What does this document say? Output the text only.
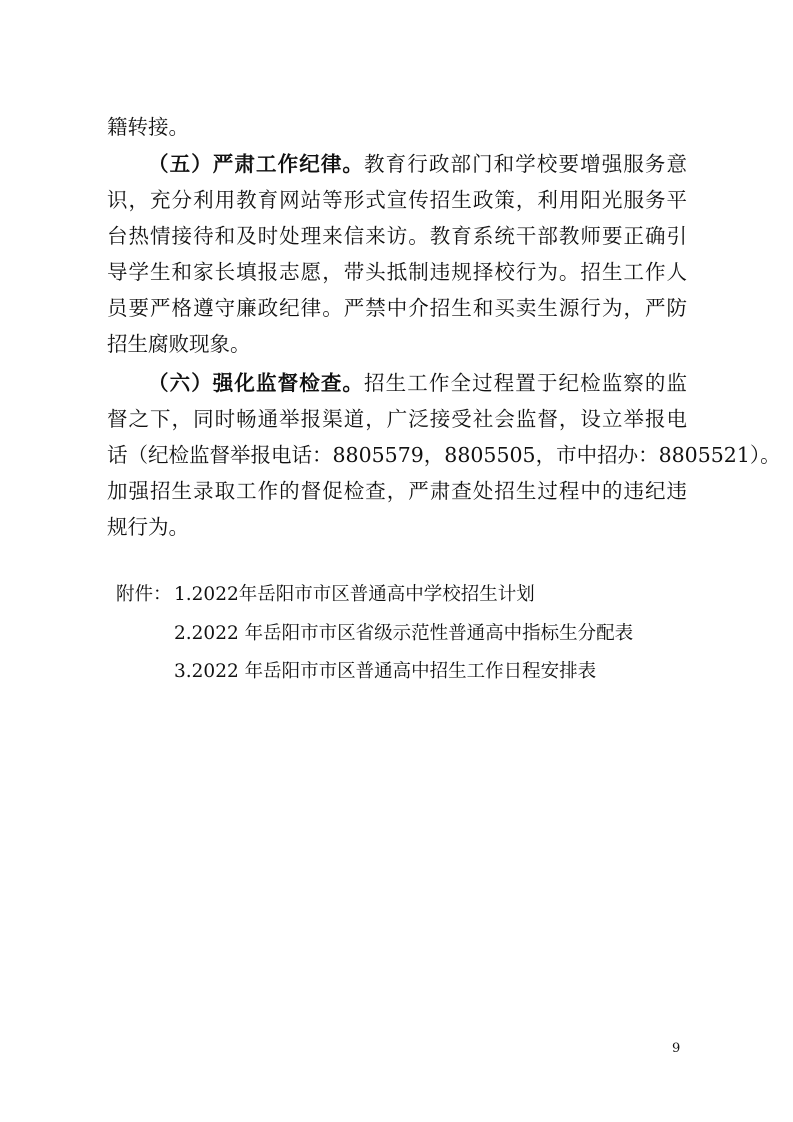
籍转接。
（五）严肃工作纪律。教育行政部门和学校要增强服务意
识，充分利用教育网站等形式宣传招生政策，利用阳光服务平
台热情接待和及时处理来信来访。教育系统干部教师要正确引
导学生和家长填报志愿，带头抵制违规择校行为。招生工作人
员要严格遵守廉政纪律。严禁中介招生和买卖生源行为，严防
招生腐败现象。
（六）强化监督检查。招生工作全过程置于纪检监察的监
督之下，同时畅通举报渠道，广泛接受社会监督，设立举报电
话（纪检监督举报电话：8805579，8805505，市中招办：8805521）。
加强招生录取工作的督促检查，严肃查处招生过程中的违纪违
规行为。
附件： 1.2022年岳阳市市区普通高中学校招生计划
2.2022 年岳阳市市区省级示范性普通高中指标生分配表
3.2022 年岳阳市市区普通高中招生工作日程安排表
9
